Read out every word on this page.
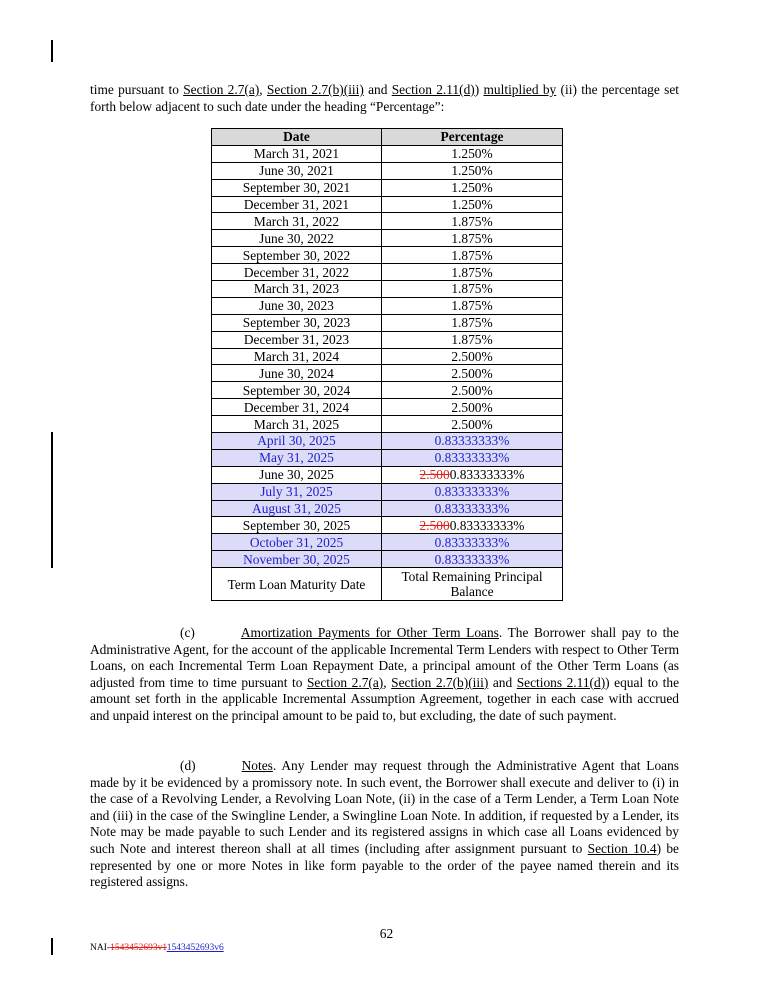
time pursuant to Section 2.7(a), Section 2.7(b)(iii) and Section 2.11(d)) multiplied by (ii) the percentage set forth below adjacent to such date under the heading “Percentage”:

Date	Percentage
March 31, 2021	1.250%
June 30, 2021	1.250%
September 30, 2021	1.250%
December 31, 2021	1.250%
March 31, 2022	1.875%
June 30, 2022	1.875%
September 30, 2022	1.875%
December 31, 2022	1.875%
March 31, 2023	1.875%
June 30, 2023	1.875%
September 30, 2023	1.875%
December 31, 2023	1.875%
March 31, 2024	2.500%
June 30, 2024	2.500%
September 30, 2024	2.500%
December 31, 2024	2.500%
March 31, 2025	2.500%
April 30, 2025	0.83333333%
May 31, 2025	0.83333333%
June 30, 2025	2.5000.83333333%
July 31, 2025	0.83333333%
August 31, 2025	0.83333333%
September 30, 2025	2.5000.83333333%
October 31, 2025	0.83333333%
November 30, 2025	0.83333333%
Term Loan Maturity Date	Total Remaining Principal Balance

(c)	Amortization Payments for Other Term Loans. The Borrower shall pay to the Administrative Agent, for the account of the applicable Incremental Term Lenders with respect to Other Term Loans, on each Incremental Term Loan Repayment Date, a principal amount of the Other Term Loans (as adjusted from time to time pursuant to Section 2.7(a), Section 2.7(b)(iii) and Sections 2.11(d)) equal to the amount set forth in the applicable Incremental Assumption Agreement, together in each case with accrued and unpaid interest on the principal amount to be paid to, but excluding, the date of such payment.

(d)	Notes. Any Lender may request through the Administrative Agent that Loans made by it be evidenced by a promissory note. In such event, the Borrower shall execute and deliver to (i) in the case of a Revolving Lender, a Revolving Loan Note, (ii) in the case of a Term Lender, a Term Loan Note and (iii) in the case of the Swingline Lender, a Swingline Loan Note. In addition, if requested by a Lender, its Note may be made payable to such Lender and its registered assigns in which case all Loans evidenced by such Note and interest thereon shall at all times (including after assignment pursuant to Section 10.4) be represented by one or more Notes in like form payable to the order of the payee named therein and its registered assigns.

62
NAI-1543452693v11543452693v6
